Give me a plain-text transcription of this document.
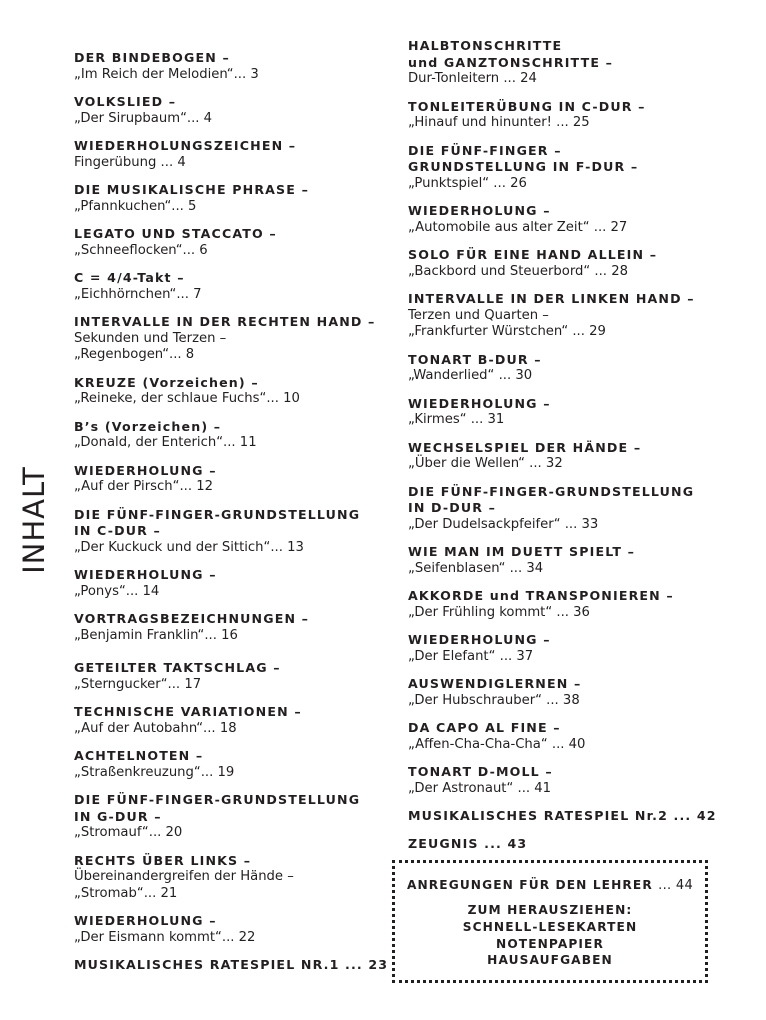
INHALT
DER BINDEBOGEN –
„Im Reich der Melodien“... 3
VOLKSLIED –
„Der Sirupbaum“... 4
WIEDERHOLUNGSZEICHEN –
Fingerübung ... 4
DIE MUSIKALISCHE PHRASE –
„Pfannkuchen“... 5
LEGATO UND STACCATO –
„Schneeflocken“... 6
C = 4/4-Takt –
„Eichhörnchen“... 7
INTERVALLE IN DER RECHTEN HAND –
Sekunden und Terzen –
„Regenbogen“... 8
KREUZE (Vorzeichen) –
„Reineke, der schlaue Fuchs“... 10
B’s (Vorzeichen) –
„Donald, der Enterich“... 11
WIEDERHOLUNG –
„Auf der Pirsch“... 12
DIE FÜNF-FINGER-GRUNDSTELLUNG
IN C-DUR –
„Der Kuckuck und der Sittich“... 13
WIEDERHOLUNG –
„Ponys“... 14
VORTRAGSBEZEICHNUNGEN –
„Benjamin Franklin“... 16
GETEILTER TAKTSCHLAG –
„Sterngucker“... 17
TECHNISCHE VARIATIONEN –
„Auf der Autobahn“... 18
ACHTELNOTEN –
„Straßenkreuzung“... 19
DIE FÜNF-FINGER-GRUNDSTELLUNG
IN G-DUR –
„Stromauf“... 20
RECHTS ÜBER LINKS –
Übereinandergreifen der Hände –
„Stromab“... 21
WIEDERHOLUNG –
„Der Eismann kommt“... 22
MUSIKALISCHES RATESPIEL NR.1 ... 23
HALBTONSCHRITTE
und GANZTONSCHRITTE –
Dur-Tonleitern ... 24
TONLEITERÜBUNG IN C-DUR –
„Hinauf und hinunter! ... 25
DIE FÜNF-FINGER –
GRUNDSTELLUNG IN F-DUR –
„Punktspiel“ ... 26
WIEDERHOLUNG –
„Automobile aus alter Zeit“ ... 27
SOLO FÜR EINE HAND ALLEIN –
„Backbord und Steuerbord“ ... 28
INTERVALLE IN DER LINKEN HAND –
Terzen und Quarten –
„Frankfurter Würstchen“ ... 29
TONART B-DUR –
„Wanderlied“ ... 30
WIEDERHOLUNG –
„Kirmes“ ... 31
WECHSELSPIEL DER HÄNDE –
„Über die Wellen“ ... 32
DIE FÜNF-FINGER-GRUNDSTELLUNG
IN D-DUR –
„Der Dudelsackpfeifer“ ... 33
WIE MAN IM DUETT SPIELT –
„Seifenblasen“ ... 34
AKKORDE und TRANSPONIEREN –
„Der Frühling kommt“ ... 36
WIEDERHOLUNG –
„Der Elefant“ ... 37
AUSWENDIGLERNEN –
„Der Hubschrauber“ ... 38
DA CAPO AL FINE –
„Affen-Cha-Cha-Cha“ ... 40
TONART D-MOLL –
„Der Astronaut“ ... 41
MUSIKALISCHES RATESPIEL Nr.2 ... 42
ZEUGNIS ... 43
ANREGUNGEN FÜR DEN LEHRER ... 44
ZUM HERAUSZIEHEN:
SCHNELL-LESEKARTEN
NOTENPAPIER
HAUSAUFGABEN
